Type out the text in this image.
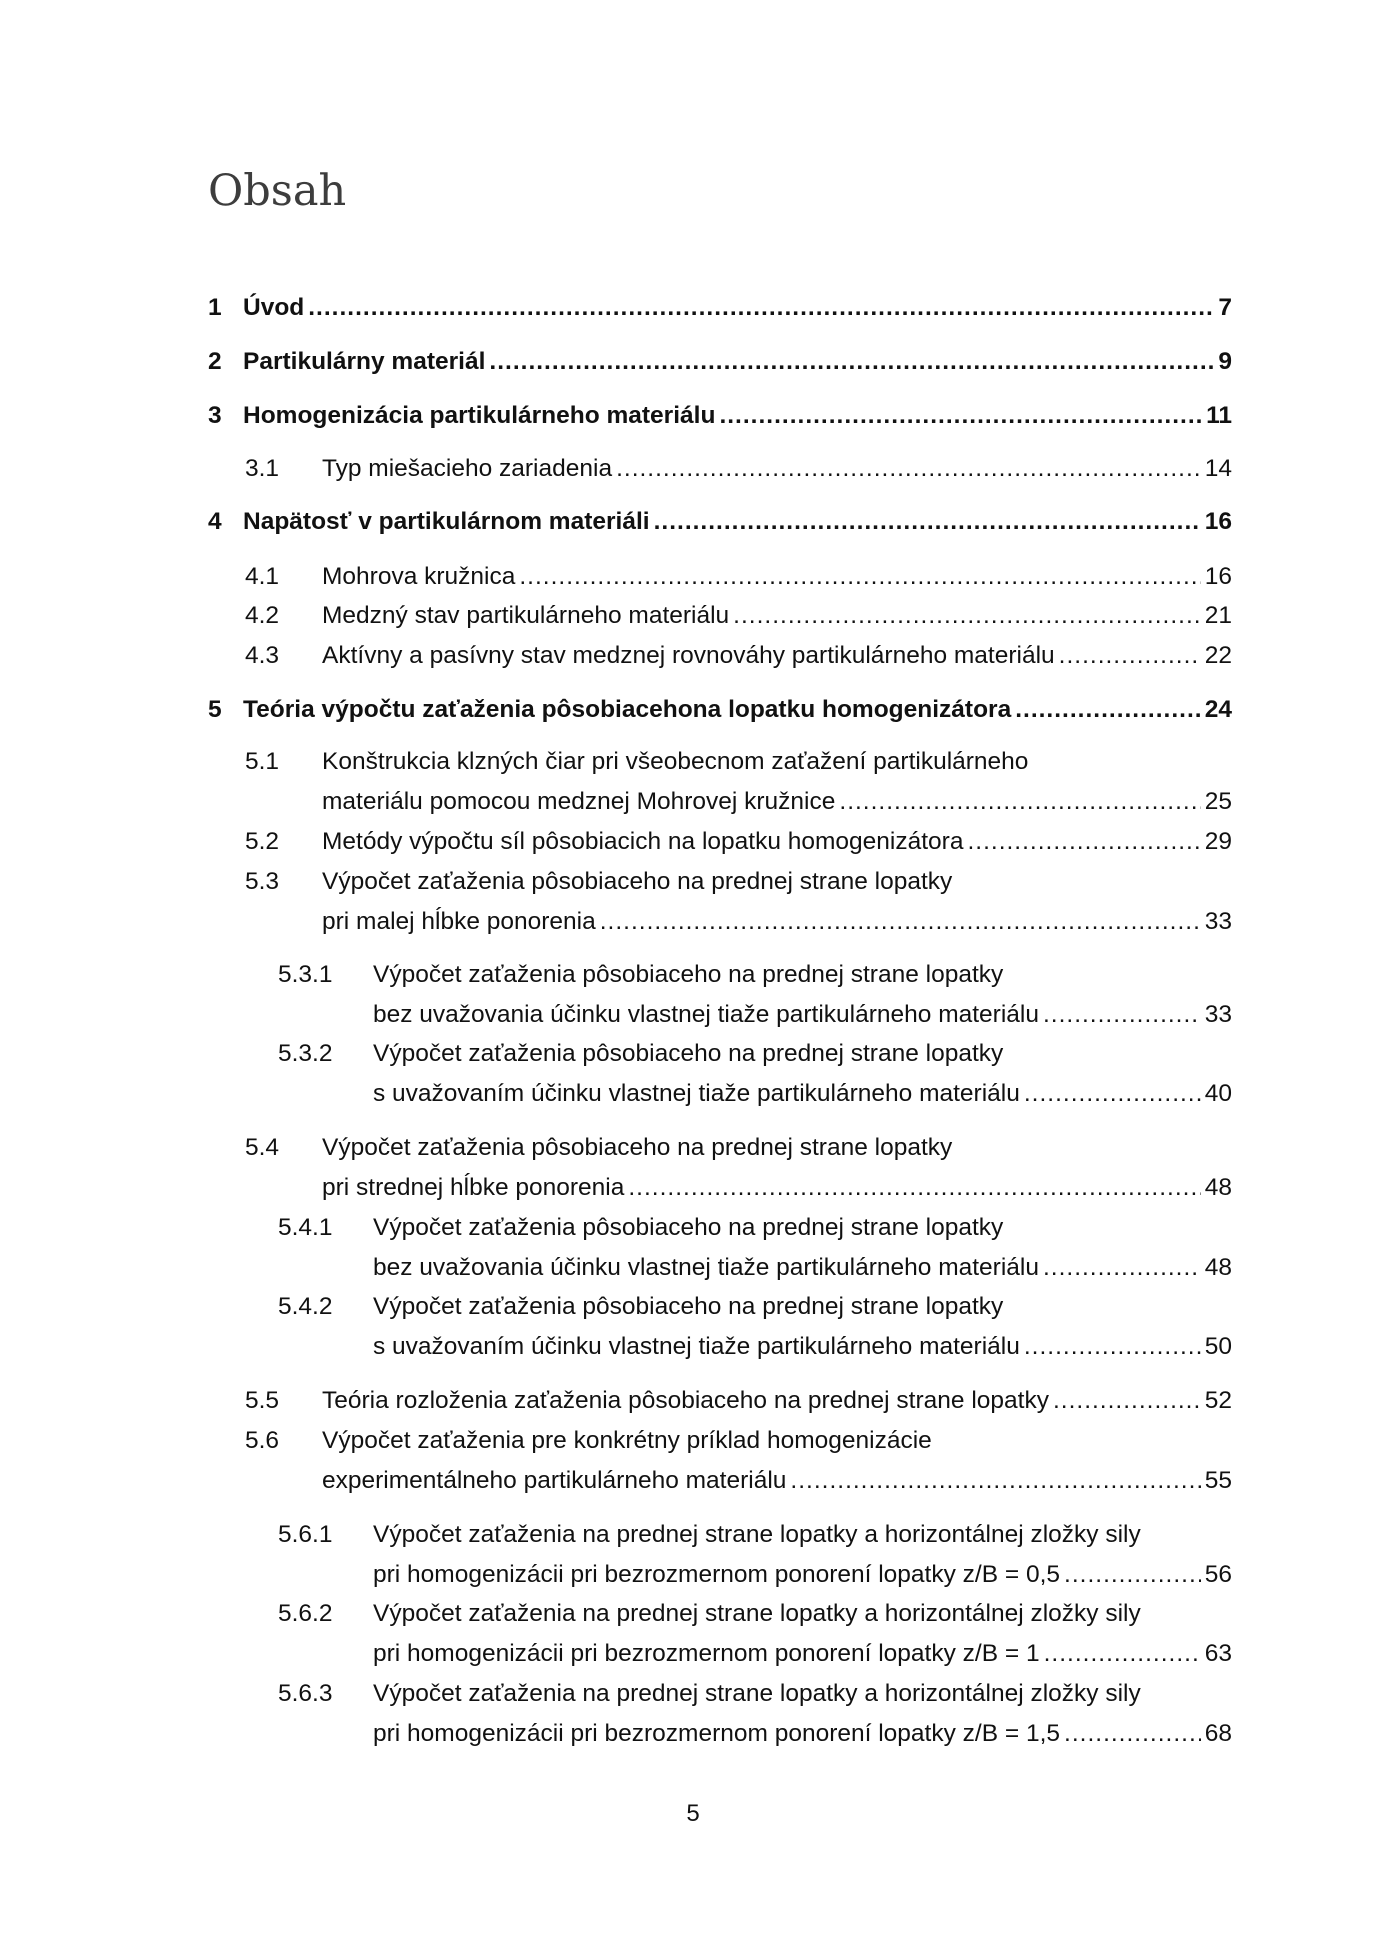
Obsah
1 Úvod .....	7
2 Partikulárny materiál .....	9
3 Homogenizácia partikulárneho materiálu .....	11
3.1 Typ miešacieho zariadenia .....	14
4 Napätosť v partikulárnom materiáli .....	16
4.1 Mohrova kružnica .....	16
4.2 Medzný stav partikulárneho materiálu .....	21
4.3 Aktívny a pasívny stav medznej rovnováhy partikulárneho materiálu .....	22
5 Teória výpočtu zaťaženia pôsobiacehona lopatku homogenizátora .....	24
5.1 Konštrukcia klzných čiar pri všeobecnom zaťažení partikulárneho
materiálu pomocou medznej Mohrovej kružnice .....	25
5.2 Metódy výpočtu síl pôsobiacich na lopatku homogenizátora .....	29
5.3 Výpočet zaťaženia pôsobiaceho na prednej strane lopatky
pri malej hĺbke ponorenia .....	33
5.3.1 Výpočet zaťaženia pôsobiaceho na prednej strane lopatky
bez uvažovania účinku vlastnej tiaže partikulárneho materiálu .....	33
5.3.2 Výpočet zaťaženia pôsobiaceho na prednej strane lopatky
s uvažovaním účinku vlastnej tiaže partikulárneho materiálu .....	40
5.4 Výpočet zaťaženia pôsobiaceho na prednej strane lopatky
pri strednej hĺbke ponorenia .....	48
5.4.1 Výpočet zaťaženia pôsobiaceho na prednej strane lopatky
bez uvažovania účinku vlastnej tiaže partikulárneho materiálu .....	48
5.4.2 Výpočet zaťaženia pôsobiaceho na prednej strane lopatky
s uvažovaním účinku vlastnej tiaže partikulárneho materiálu .....	50
5.5 Teória rozloženia zaťaženia pôsobiaceho na prednej strane lopatky .....	52
5.6 Výpočet zaťaženia pre konkrétny príklad homogenizácie
experimentálneho partikulárneho materiálu .....	55
5.6.1 Výpočet zaťaženia na prednej strane lopatky a horizontálnej zložky sily
pri homogenizácii pri bezrozmernom ponorení lopatky z/B = 0,5 .....	56
5.6.2 Výpočet zaťaženia na prednej strane lopatky a horizontálnej zložky sily
pri homogenizácii pri bezrozmernom ponorení lopatky z/B = 1 .....	63
5.6.3 Výpočet zaťaženia na prednej strane lopatky a horizontálnej zložky sily
pri homogenizácii pri bezrozmernom ponorení lopatky z/B = 1,5 .....	68
5
